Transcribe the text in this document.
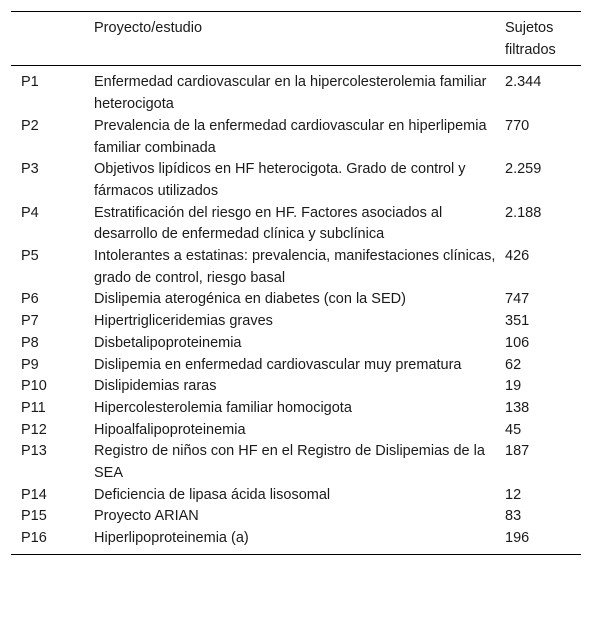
	Proyecto/estudio	Sujetos filtrados
P1	Enfermedad cardiovascular en la hipercolesterolemia familiar heterocigota	2.344
P2	Prevalencia de la enfermedad cardiovascular en hiperlipemia familiar combinada	770
P3	Objetivos lipídicos en HF heterocigota. Grado de control y fármacos utilizados	2.259
P4	Estratificación del riesgo en HF. Factores asociados al desarrollo de enfermedad clínica y subclínica	2.188
P5	Intolerantes a estatinas: prevalencia, manifestaciones clínicas, grado de control, riesgo basal	426
P6	Dislipemia aterogénica en diabetes (con la SED)	747
P7	Hipertrigliceridemias graves	351
P8	Disbetalipoproteinemia	106
P9	Dislipemia en enfermedad cardiovascular muy prematura	62
P10	Dislipidemias raras	19
P11	Hipercolesterolemia familiar homocigota	138
P12	Hipoalfalipoproteinemia	45
P13	Registro de niños con HF en el Registro de Dislipemias de la SEA	187
P14	Deficiencia de lipasa ácida lisosomal	12
P15	Proyecto ARIAN	83
P16	Hiperlipoproteinemia (a)	196
